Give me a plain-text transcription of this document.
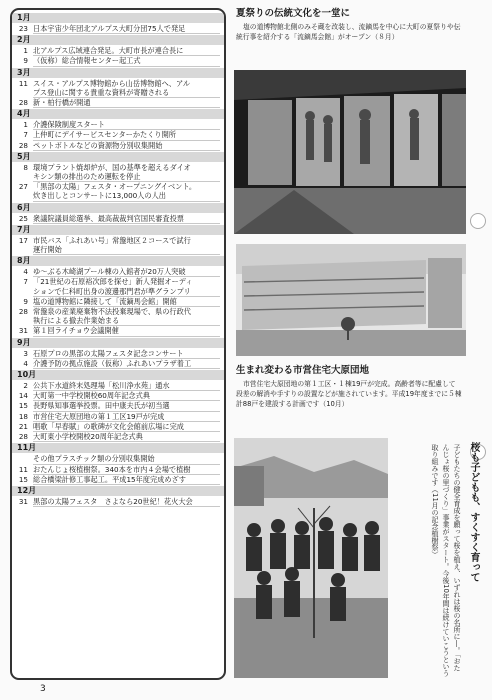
1月
23 日本宇宙少年団北アルプス大町分団75人で発足
2月
1 北アルプス広域連合発足。大町市長が連合長に
9 （仮称）総合情報センター起工式
3月
11 スイス・アルプス博物館から山岳博物館へ、アル
プス登山に関する貴重な資料が寄贈される
28 新・柏行橋が開通
4月
1 介護保険制度スタート
7 上仲町にデイサービスセンターかたくり開所
28 ペットボトルなどの資源物分別収集開始
5月
8 環境プラント焼却炉が、国の基準を超えるダイオ
キシン類の排出のため運転を停止
27 「黒部の太陽」フェスタ・オープニングイベント。
炊き出しとコンサートに13,000人の人出
6月
25 衆議院議員総選挙、最高裁裁判官国民審査投票
7月
17 市民バス「ふれあい号」常盤地区２コースで試行
運行開始
8月
4 ゆ〜ぶる木崎湖プール棟の入館者が20万人突破
7 「21世紀の石原裕次郎を探せ」新人発掘オーディ
ションで仁科町出身の渡邊那門君が準グランプリ
9 塩の道博物館に隣接して「流鏑馬会館」開館
28 常盤泉の産業廃棄物不法投棄現場で、県の行政代
執行による撤去作業始まる
31 第１回ライチョウ会議開催
9月
3 石原プロの黒部の太陽フェスタ記念コンサート
4 介護予防の拠点施設（仮称）ふれあいプラザ着工
10月
2 公共下水道終末処理場「松川浄水苑」通水
14 大町第一中学校開校60周年記念式典
15 長野県知事選挙投票。田中康夫氏が初当選
18 市営住宅大原団地の第１工区19戸が完成
21 唱歌「早春賦」の歌碑が文化会館前広場に完成
28 大町東小学校開校20周年記念式典
11月
その他プラスチック類の分別収集開始
11 おたんじょ桜植樹祭。340本を市内４会場で植樹
15 総合橋梁計修工事起工。平成15年度完成めざす
12月
31 黒部の太陽フェスタ　さよなら20世紀！花火大会
夏祭りの伝統文化を一堂に
塩の道博物館北側のみそ蔵を改装し、流鏑馬を中心に大町の夏祭りや伝統行事を紹介する「流鏑馬会館」がオープン（８月）
生まれ変わる市営住宅大原団地
市営住宅大原団地の第１工区・１棟19戸が完成。高齢者等に配慮して段差の解消や手すりの設置などが施されています。平成19年度までに５棟計88戸を建設する計画です（10月）
桜も子どもも、すくすく育って
子どもたちの健全育成を願って桜を植え、いずれは桜の名所に―。「おたんじょ桜の里づくり」事業がスタート。今後10年間は続けていこうという取り組みです（11月の記念植樹祭）
3
